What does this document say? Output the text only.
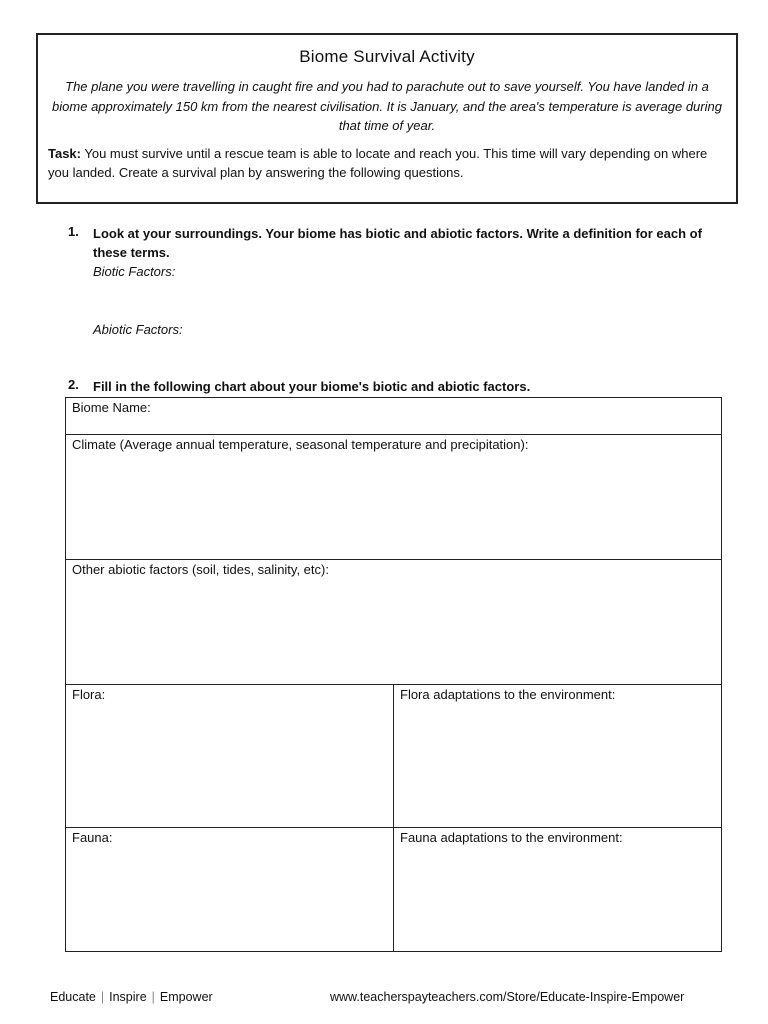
Biome Survival Activity
The plane you were travelling in caught fire and you had to parachute out to save yourself. You have landed in a biome approximately 150 km from the nearest civilisation. It is January, and the area's temperature is average during that time of year.
Task: You must survive until a rescue team is able to locate and reach you. This time will vary depending on where you landed. Create a survival plan by answering the following questions.
1. Look at your surroundings. Your biome has biotic and abiotic factors. Write a definition for each of these terms.
Biotic Factors:
Abiotic Factors:
2. Fill in the following chart about your biome's biotic and abiotic factors.
Biome Name:	
Climate (Average annual temperature, seasonal temperature and precipitation):	
Other abiotic factors (soil, tides, salinity, etc):	
Flora:	Flora adaptations to the environment:
Fauna:	Fauna adaptations to the environment:
Educate | Inspire | Empower	www.teacherspayteachers.com/Store/Educate-Inspire-Empower
